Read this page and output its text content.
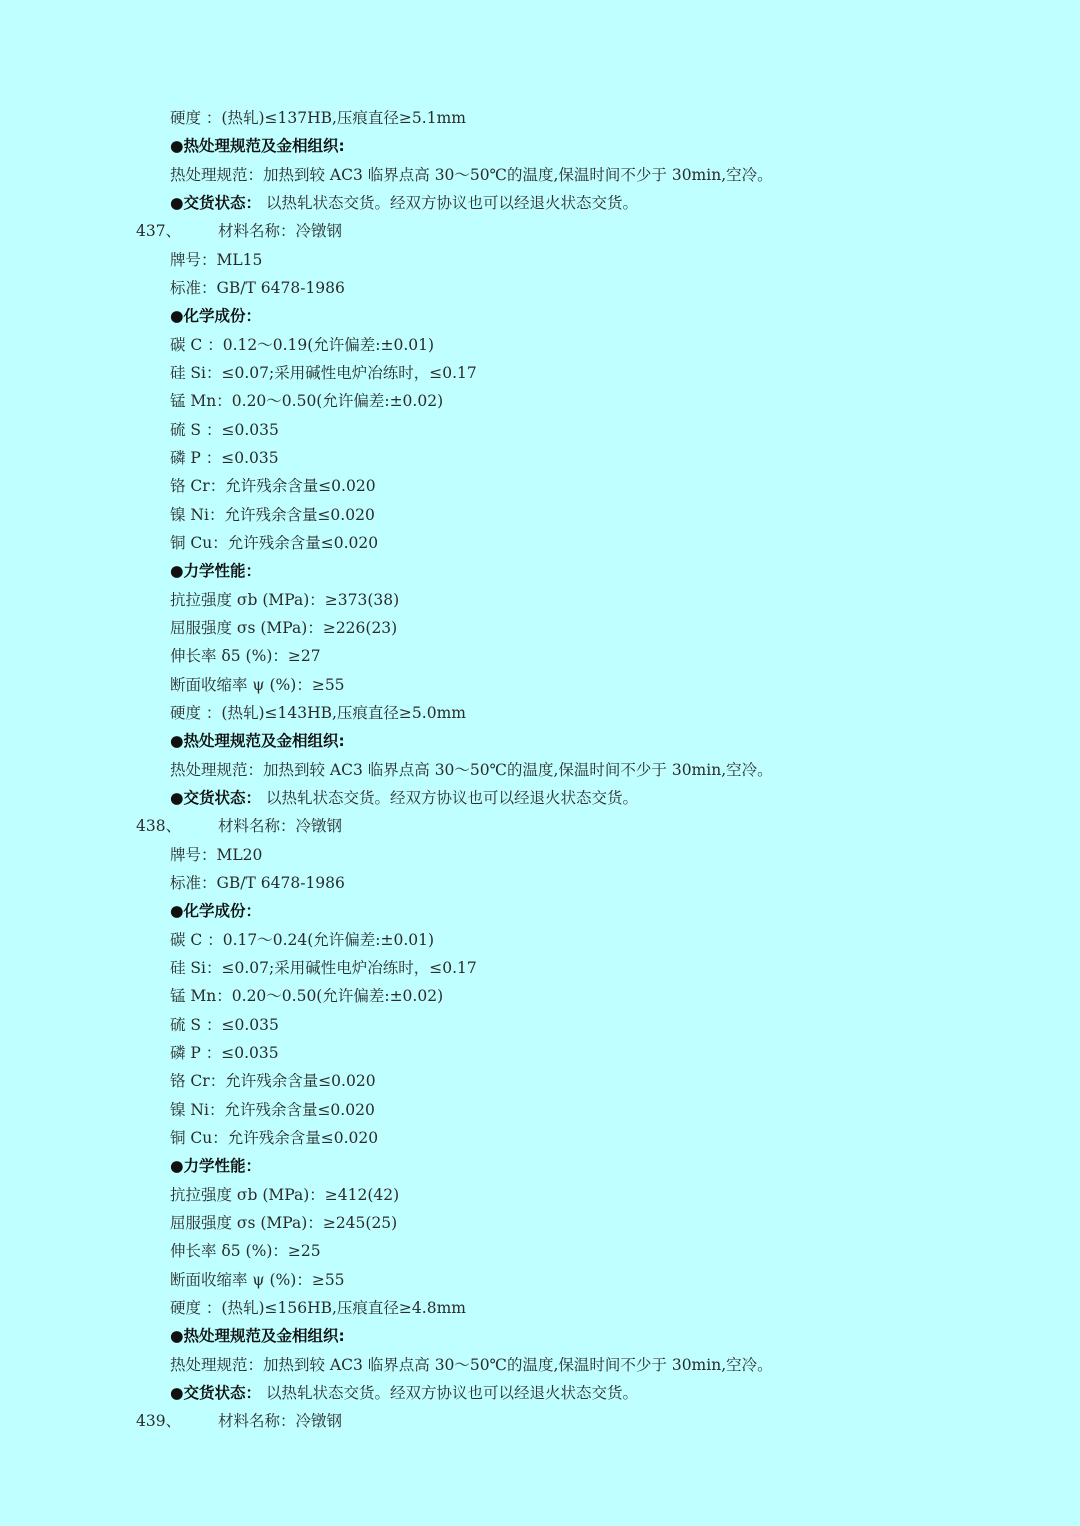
硬度 ：(热轧)≤137HB,压痕直径≥5.1mm
●热处理规范及金相组织:
热处理规范：加热到较 AC3 临界点高 30～50℃的温度,保温时间不少于 30min,空冷。
●交货状态： 以热轧状态交货。经双方协议也可以经退火状态交货。
437、 材料名称：冷镦钢
牌号：ML15
标准：GB/T 6478-1986
●化学成份：
碳 C ：0.12～0.19(允许偏差:±0.01)
硅 Si：≤0.07;采用碱性电炉冶练时，≤0.17
锰 Mn：0.20～0.50(允许偏差:±0.02)
硫 S ：≤0.035
磷 P ：≤0.035
铬 Cr：允许残余含量≤0.020
镍 Ni：允许残余含量≤0.020
铜 Cu：允许残余含量≤0.020
●力学性能：
抗拉强度 σb (MPa)：≥373(38)
屈服强度 σs (MPa)：≥226(23)
伸长率 δ5 (%)：≥27
断面收缩率 ψ (%)：≥55
硬度 ：(热轧)≤143HB,压痕直径≥5.0mm
●热处理规范及金相组织:
热处理规范：加热到较 AC3 临界点高 30～50℃的温度,保温时间不少于 30min,空冷。
●交货状态： 以热轧状态交货。经双方协议也可以经退火状态交货。
438、 材料名称：冷镦钢
牌号：ML20
标准：GB/T 6478-1986
●化学成份：
碳 C ：0.17～0.24(允许偏差:±0.01)
硅 Si：≤0.07;采用碱性电炉冶练时，≤0.17
锰 Mn：0.20～0.50(允许偏差:±0.02)
硫 S ：≤0.035
磷 P ：≤0.035
铬 Cr：允许残余含量≤0.020
镍 Ni：允许残余含量≤0.020
铜 Cu：允许残余含量≤0.020
●力学性能：
抗拉强度 σb (MPa)：≥412(42)
屈服强度 σs (MPa)：≥245(25)
伸长率 δ5 (%)：≥25
断面收缩率 ψ (%)：≥55
硬度 ：(热轧)≤156HB,压痕直径≥4.8mm
●热处理规范及金相组织:
热处理规范：加热到较 AC3 临界点高 30～50℃的温度,保温时间不少于 30min,空冷。
●交货状态： 以热轧状态交货。经双方协议也可以经退火状态交货。
439、 材料名称：冷镦钢
